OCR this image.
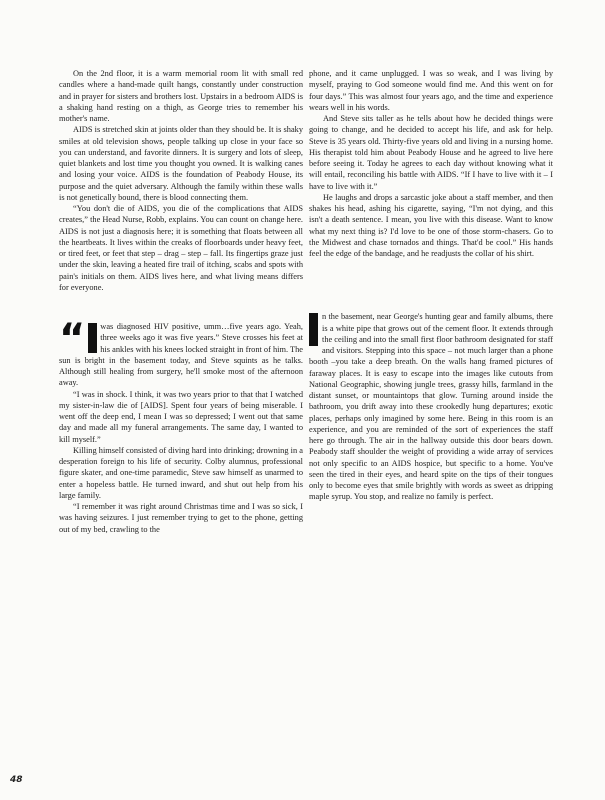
On the 2nd floor, it is a warm memorial room lit with small red candles where a hand-made quilt hangs, constantly under construction and in prayer for sisters and brothers lost. Upstairs in a bedroom AIDS is a shaking hand resting on a thigh, as George tries to remember his mother's name.

AIDS is stretched skin at joints older than they should be. It is shaky smiles at old television shows, people talking up close in your face so you can understand, and favorite dinners. It is surgery and lots of sleep, quiet blankets and lost time you thought you owned. It is walking canes and losing your voice. AIDS is the foundation of Peabody House, its purpose and the quiet adversary. Although the family within these walls is not genetically bound, there is blood connecting them.

“You don't die of AIDS, you die of the complications that AIDS creates,” the Head Nurse, Robb, explains. You can count on change here. AIDS is not just a diagnosis here; it is something that floats between all the heartbeats. It lives within the creaks of floorboards under heavy feet, or tired feet, or feet that step – drag – step – fall. Its fingertips graze just under the skin, leaving a heated fire trail of itching, scabs and spots with pain's initials on them. AIDS lives here, and what living means differs for everyone.

“	was diagnosed HIV positive, umm…five years ago. Yeah, three weeks ago it was five years.” Steve crosses his feet at his ankles with his knees locked straight in front of him. The sun is bright in the basement today, and Steve squints as he talks. Although still healing from surgery, he'll smoke most of the afternoon away.

“I was in shock. I think, it was two years prior to that that I watched my sister-in-law die of [AIDS]. Spent four years of being miserable. I went off the deep end, I mean I was so depressed; I went out that same day and made all my funeral arrangements. The same day, I wanted to kill myself.”

Killing himself consisted of diving hard into drinking; drowning in a desperation foreign to his life of security. Colby alumnus, professional figure skater, and one-time paramedic, Steve saw himself as unarmed to enter a hopeless battle. He turned inward, and shut out help from his large family.

“I remember it was right around Christmas time and I was so sick, I was having seizures. I just remember trying to get to the phone, getting out of my bed, crawling to the

phone, and it came unplugged. I was so weak, and I was living by myself, praying to God someone would find me. And this went on for four days.” This was almost four years ago, and the time and experience wears well in his words.

And Steve sits taller as he tells about how he decided things were going to change, and he decided to accept his life, and ask for help. Steve is 35 years old. Thirty-five years old and living in a nursing home. His therapist told him about Peabody House and he agreed to live here before seeing it. Today he agrees to each day without knowing what it will entail, reconciling his battle with AIDS. “If I have to live with it – I have to live with it.”

He laughs and drops a sarcastic joke about a staff member, and then shakes his head, ashing his cigarette, saying, “I'm not dying, and this isn't a death sentence. I mean, you live with this disease. Want to know what my next thing is? I'd love to be one of those storm-chasers. Go to the Midwest and chase tornados and things. That'd be cool.” His hands feel the edge of the bandage, and he readjusts the collar of his shirt.

n the basement, near George's hunting gear and family albums, there is a white pipe that grows out of the cement floor. It extends through the ceiling and into the small first floor bathroom designated for staff and visitors. Stepping into this space – not much larger than a phone booth –you take a deep breath. On the walls hang framed pictures of faraway places. It is easy to escape into the images like cutouts from National Geographic, showing jungle trees, grassy hills, farmland in the distant sunset, or mountaintops that glow. Turning around inside the bathroom, you drift away into these crookedly hung departures; exotic places, perhaps only imagined by some here. Being in this room is an experience, and you are reminded of the sort of experiences the staff here go through. The air in the hallway outside this door bears down. Peabody staff shoulder the weight of providing a wide array of services not only specific to an AIDS hospice, but specific to a home. You've seen the tired in their eyes, and heard spite on the tips of their tongues only to become eyes that smile brightly with words as sweet as dripping maple syrup. You stop, and realize no family is perfect.

48
